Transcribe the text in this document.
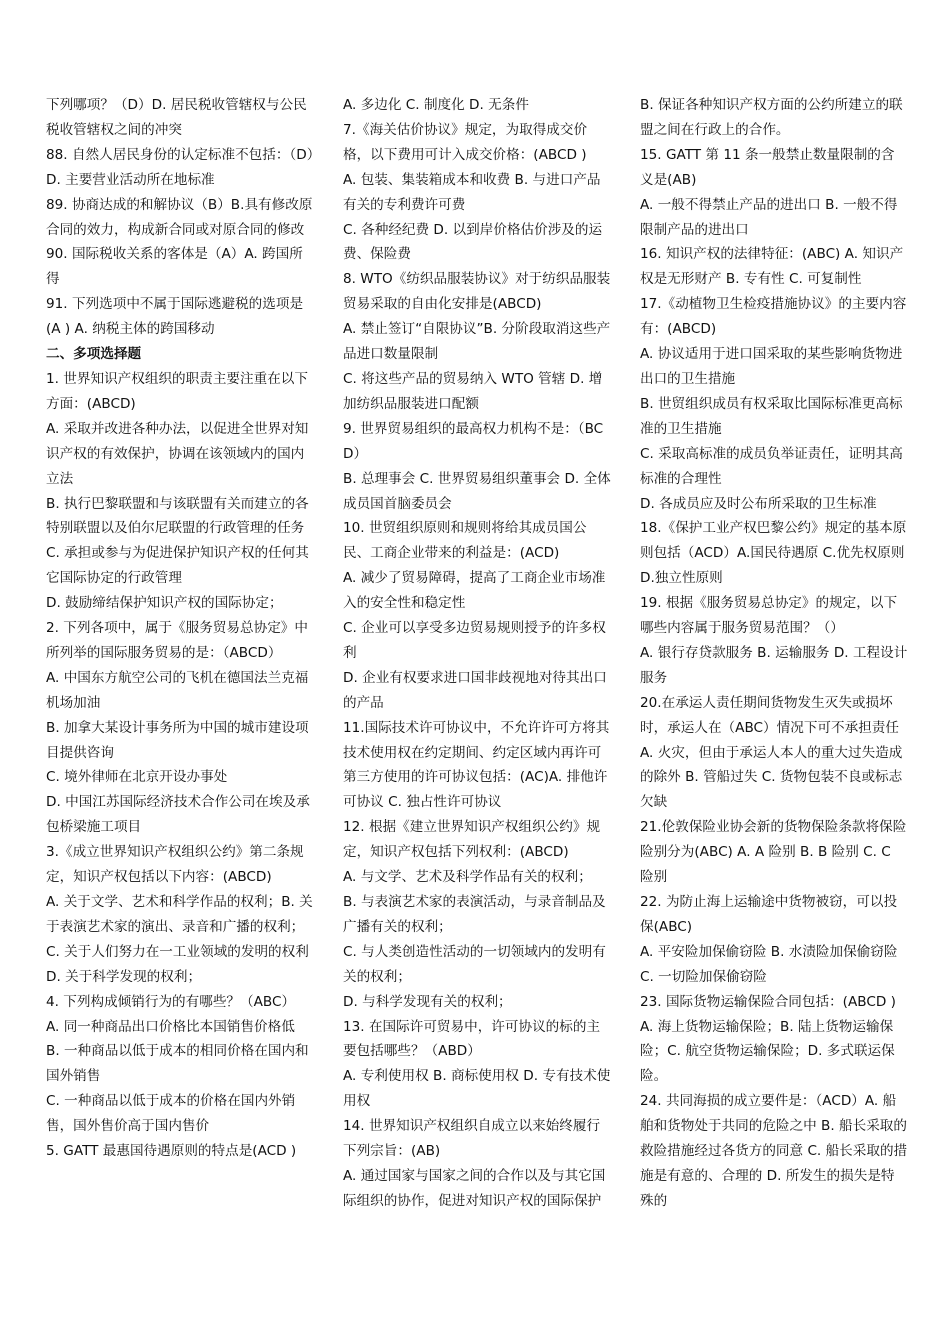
下列哪项？（D）D. 居民税收管辖权与公民税收管辖权之间的冲突

88. 自然人居民身份的认定标准不包括：（D）D. 主要营业活动所在地标准

89. 协商达成的和解协议（B）B.具有修改原合同的效力，构成新合同或对原合同的修改

90. 国际税收关系的客体是（A）A. 跨国所得

91. 下列选项中不属于国际逃避税的选项是(A ) A. 纳税主体的跨国移动

二、多项选择题

1. 世界知识产权组织的职责主要注重在以下方面：(ABCD)

A. 采取并改进各种办法，以促进全世界对知识产权的有效保护，协调在该领域内的国内立法

B. 执行巴黎联盟和与该联盟有关而建立的各特别联盟以及伯尔尼联盟的行政管理的任务

C. 承担或参与为促进保护知识产权的任何其它国际协定的行政管理

D. 鼓励缔结保护知识产权的国际协定；

2. 下列各项中，属于《服务贸易总协定》中所列举的国际服务贸易的是：（ABCD）

A. 中国东方航空公司的飞机在德国法兰克福机场加油

B. 加拿大某设计事务所为中国的城市建设项目提供咨询

C. 境外律师在北京开设办事处

D. 中国江苏国际经济技术合作公司在埃及承包桥梁施工项目

3.《成立世界知识产权组织公约》第二条规定，知识产权包括以下内容：(ABCD)

A. 关于文学、艺术和科学作品的权利；B. 关于表演艺术家的演出、录音和广播的权利；

C. 关于人们努力在一工业领域的发明的权利 D. 关于科学发现的权利；

4. 下列构成倾销行为的有哪些？（ABC）

A. 同一种商品出口价格比本国销售价格低

B. 一种商品以低于成本的相同价格在国内和国外销售

C. 一种商品以低于成本的价格在国内外销售，国外售价高于国内售价

5. GATT 最惠国待遇原则的特点是(ACD )

A. 多边化 C. 制度化 D. 无条件

7.《海关估价协议》规定，为取得成交价格，以下费用可计入成交价格：(ABCD )

A. 包装、集装箱成本和收费 B. 与进口产品有关的专利费许可费

C. 各种经纪费 D. 以到岸价格估价涉及的运费、保险费

8. WTO《纺织品服装协议》对于纺织品服装贸易采取的自由化安排是(ABCD)

A. 禁止签订“自限协议”B. 分阶段取消这些产品进口数量限制

C. 将这些产品的贸易纳入 WTO 管辖 D. 增加纺织品服装进口配额

9. 世界贸易组织的最高权力机构不是：（BCD）

B. 总理事会 C. 世界贸易组织董事会 D. 全体成员国首脑委员会

10. 世贸组织原则和规则将给其成员国公民、工商企业带来的利益是：(ACD)

A. 减少了贸易障碍，提高了工商企业市场准入的安全性和稳定性

C. 企业可以享受多边贸易规则授予的许多权利

D. 企业有权要求进口国非歧视地对待其出口的产品

11.国际技术许可协议中，不允许许可方将其技术使用权在约定期间、约定区域内再许可第三方使用的许可协议包括：(AC)A. 排他许可协议 C. 独占性许可协议

12. 根据《建立世界知识产权组织公约》规定，知识产权包括下列权利：(ABCD)

A. 与文学、艺术及科学作品有关的权利；

B. 与表演艺术家的表演活动，与录音制品及广播有关的权利；

C. 与人类创造性活动的一切领域内的发明有关的权利；

D. 与科学发现有关的权利；

13. 在国际许可贸易中，许可协议的标的主要包括哪些？（ABD）

A. 专利使用权 B. 商标使用权 D. 专有技术使用权

14. 世界知识产权组织自成立以来始终履行下列宗旨：(AB)

A. 通过国家与国家之间的合作以及与其它国际组织的协作，促进对知识产权的国际保护

B. 保证各种知识产权方面的公约所建立的联盟之间在行政上的合作。

15. GATT 第 11 条一般禁止数量限制的含义是(AB)

A. 一般不得禁止产品的进出口 B. 一般不得限制产品的进出口

16. 知识产权的法律特征：(ABC) A. 知识产权是无形财产 B. 专有性 C. 可复制性

17.《动植物卫生检疫措施协议》的主要内容有：(ABCD)

A. 协议适用于进口国采取的某些影响货物进出口的卫生措施

B. 世贸组织成员有权采取比国际标准更高标准的卫生措施

C. 采取高标准的成员负举证责任，证明其高标准的合理性

D. 各成员应及时公布所采取的卫生标准

18.《保护工业产权巴黎公约》规定的基本原则包括（ACD）A.国民待遇原 C.优先权原则 D.独立性原则

19. 根据《服务贸易总协定》的规定，以下哪些内容属于服务贸易范围？（）

A. 银行存贷款服务 B. 运输服务 D. 工程设计服务

20.在承运人责任期间货物发生灭失或损坏时，承运人在（ABC）情况下可不承担责任

A. 火灾，但由于承运人本人的重大过失造成的除外 B. 管船过失 C. 货物包装不良或标志欠缺

21.伦敦保险业协会新的货物保险条款将保险险别分为(ABC) A. A 险别 B. B 险别 C. C 险别

22. 为防止海上运输途中货物被窃，可以投保(ABC)

A. 平安险加保偷窃险 B. 水渍险加保偷窃险 C. 一切险加保偷窃险

23. 国际货物运输保险合同包括：(ABCD )

A. 海上货物运输保险；B. 陆上货物运输保险；C. 航空货物运输保险；D. 多式联运保险。

24. 共同海损的成立要件是：（ACD）A. 船舶和货物处于共同的危险之中 B. 船长采取的救险措施经过各货方的同意 C. 船长采取的措施是有意的、合理的 D. 所发生的损失是特殊的
